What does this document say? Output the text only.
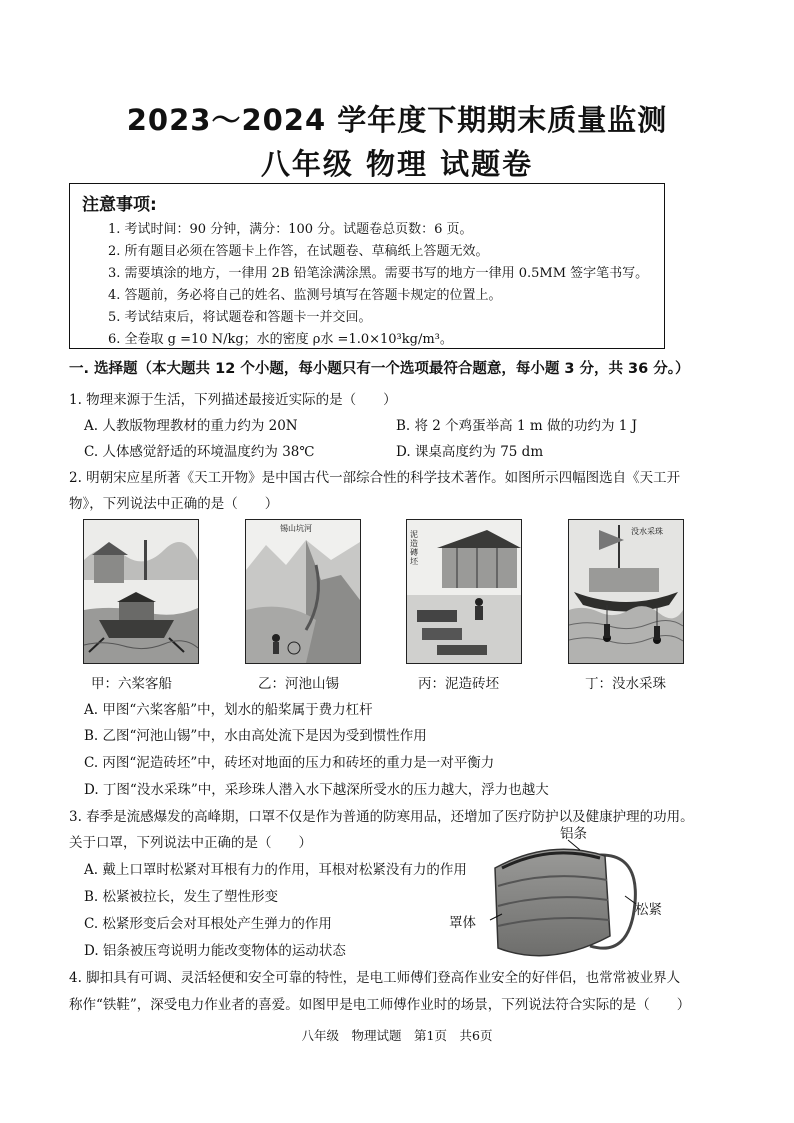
2023～2024 学年度下期期末质量监测
八年级 物理 试题卷
注意事项:
1. 考试时间：90 分钟，满分：100 分。试题卷总页数：6 页。
2. 所有题目必须在答题卡上作答，在试题卷、草稿纸上答题无效。
3. 需要填涂的地方，一律用 2B 铅笔涂满涂黑。需要书写的地方一律用 0.5MM 签字笔书写。
4. 答题前，务必将自己的姓名、监测号填写在答题卡规定的位置上。
5. 考试结束后，将试题卷和答题卡一并交回。
6. 全卷取 g =10 N/kg；水的密度 ρ水 =1.0×10³kg/m³。
一. 选择题（本大题共 12 个小题，每小题只有一个选项最符合题意，每小题 3 分，共 36 分。）
1. 物理来源于生活，下列描述最接近实际的是（　　）
A. 人教版物理教材的重力约为 20N	B. 将 2 个鸡蛋举高 1 m 做的功约为 1 J
C. 人体感觉舒适的环境温度约为 38℃	D. 课桌高度约为 75 dm
2. 明朝宋应星所著《天工开物》是中国古代一部综合性的科学技术著作。如图所示四幅图选自《天工开
物》，下列说法中正确的是（　　）
锡山坑河
泥造磚坯
没水采珠
甲：六桨客船	乙：河池山锡	丙：泥造砖坯	丁：没水采珠
A. 甲图“六桨客船”中，划水的船桨属于费力杠杆
B. 乙图“河池山锡”中，水由高处流下是因为受到惯性作用
C. 丙图“泥造砖坯”中，砖坯对地面的压力和砖坯的重力是一对平衡力
D. 丁图“没水采珠”中，采珍珠人潜入水下越深所受水的压力越大，浮力也越大
3. 春季是流感爆发的高峰期，口罩不仅是作为普通的防寒用品，还增加了医疗防护以及健康护理的功用。
关于口罩，下列说法中正确的是（　　）
A. 戴上口罩时松紧对耳根有力的作用，耳根对松紧没有力的作用
B. 松紧被拉长，发生了塑性形变
C. 松紧形变后会对耳根处产生弹力的作用
D. 铝条被压弯说明力能改变物体的运动状态
铝条
松紧
罩体
4. 脚扣具有可调、灵活轻便和安全可靠的特性，是电工师傅们登高作业安全的好伴侣，也常常被业界人
称作“铁鞋”，深受电力作业者的喜爱。如图甲是电工师傅作业时的场景，下列说法符合实际的是（　　）
八年级　物理试题　第1页　共6页
